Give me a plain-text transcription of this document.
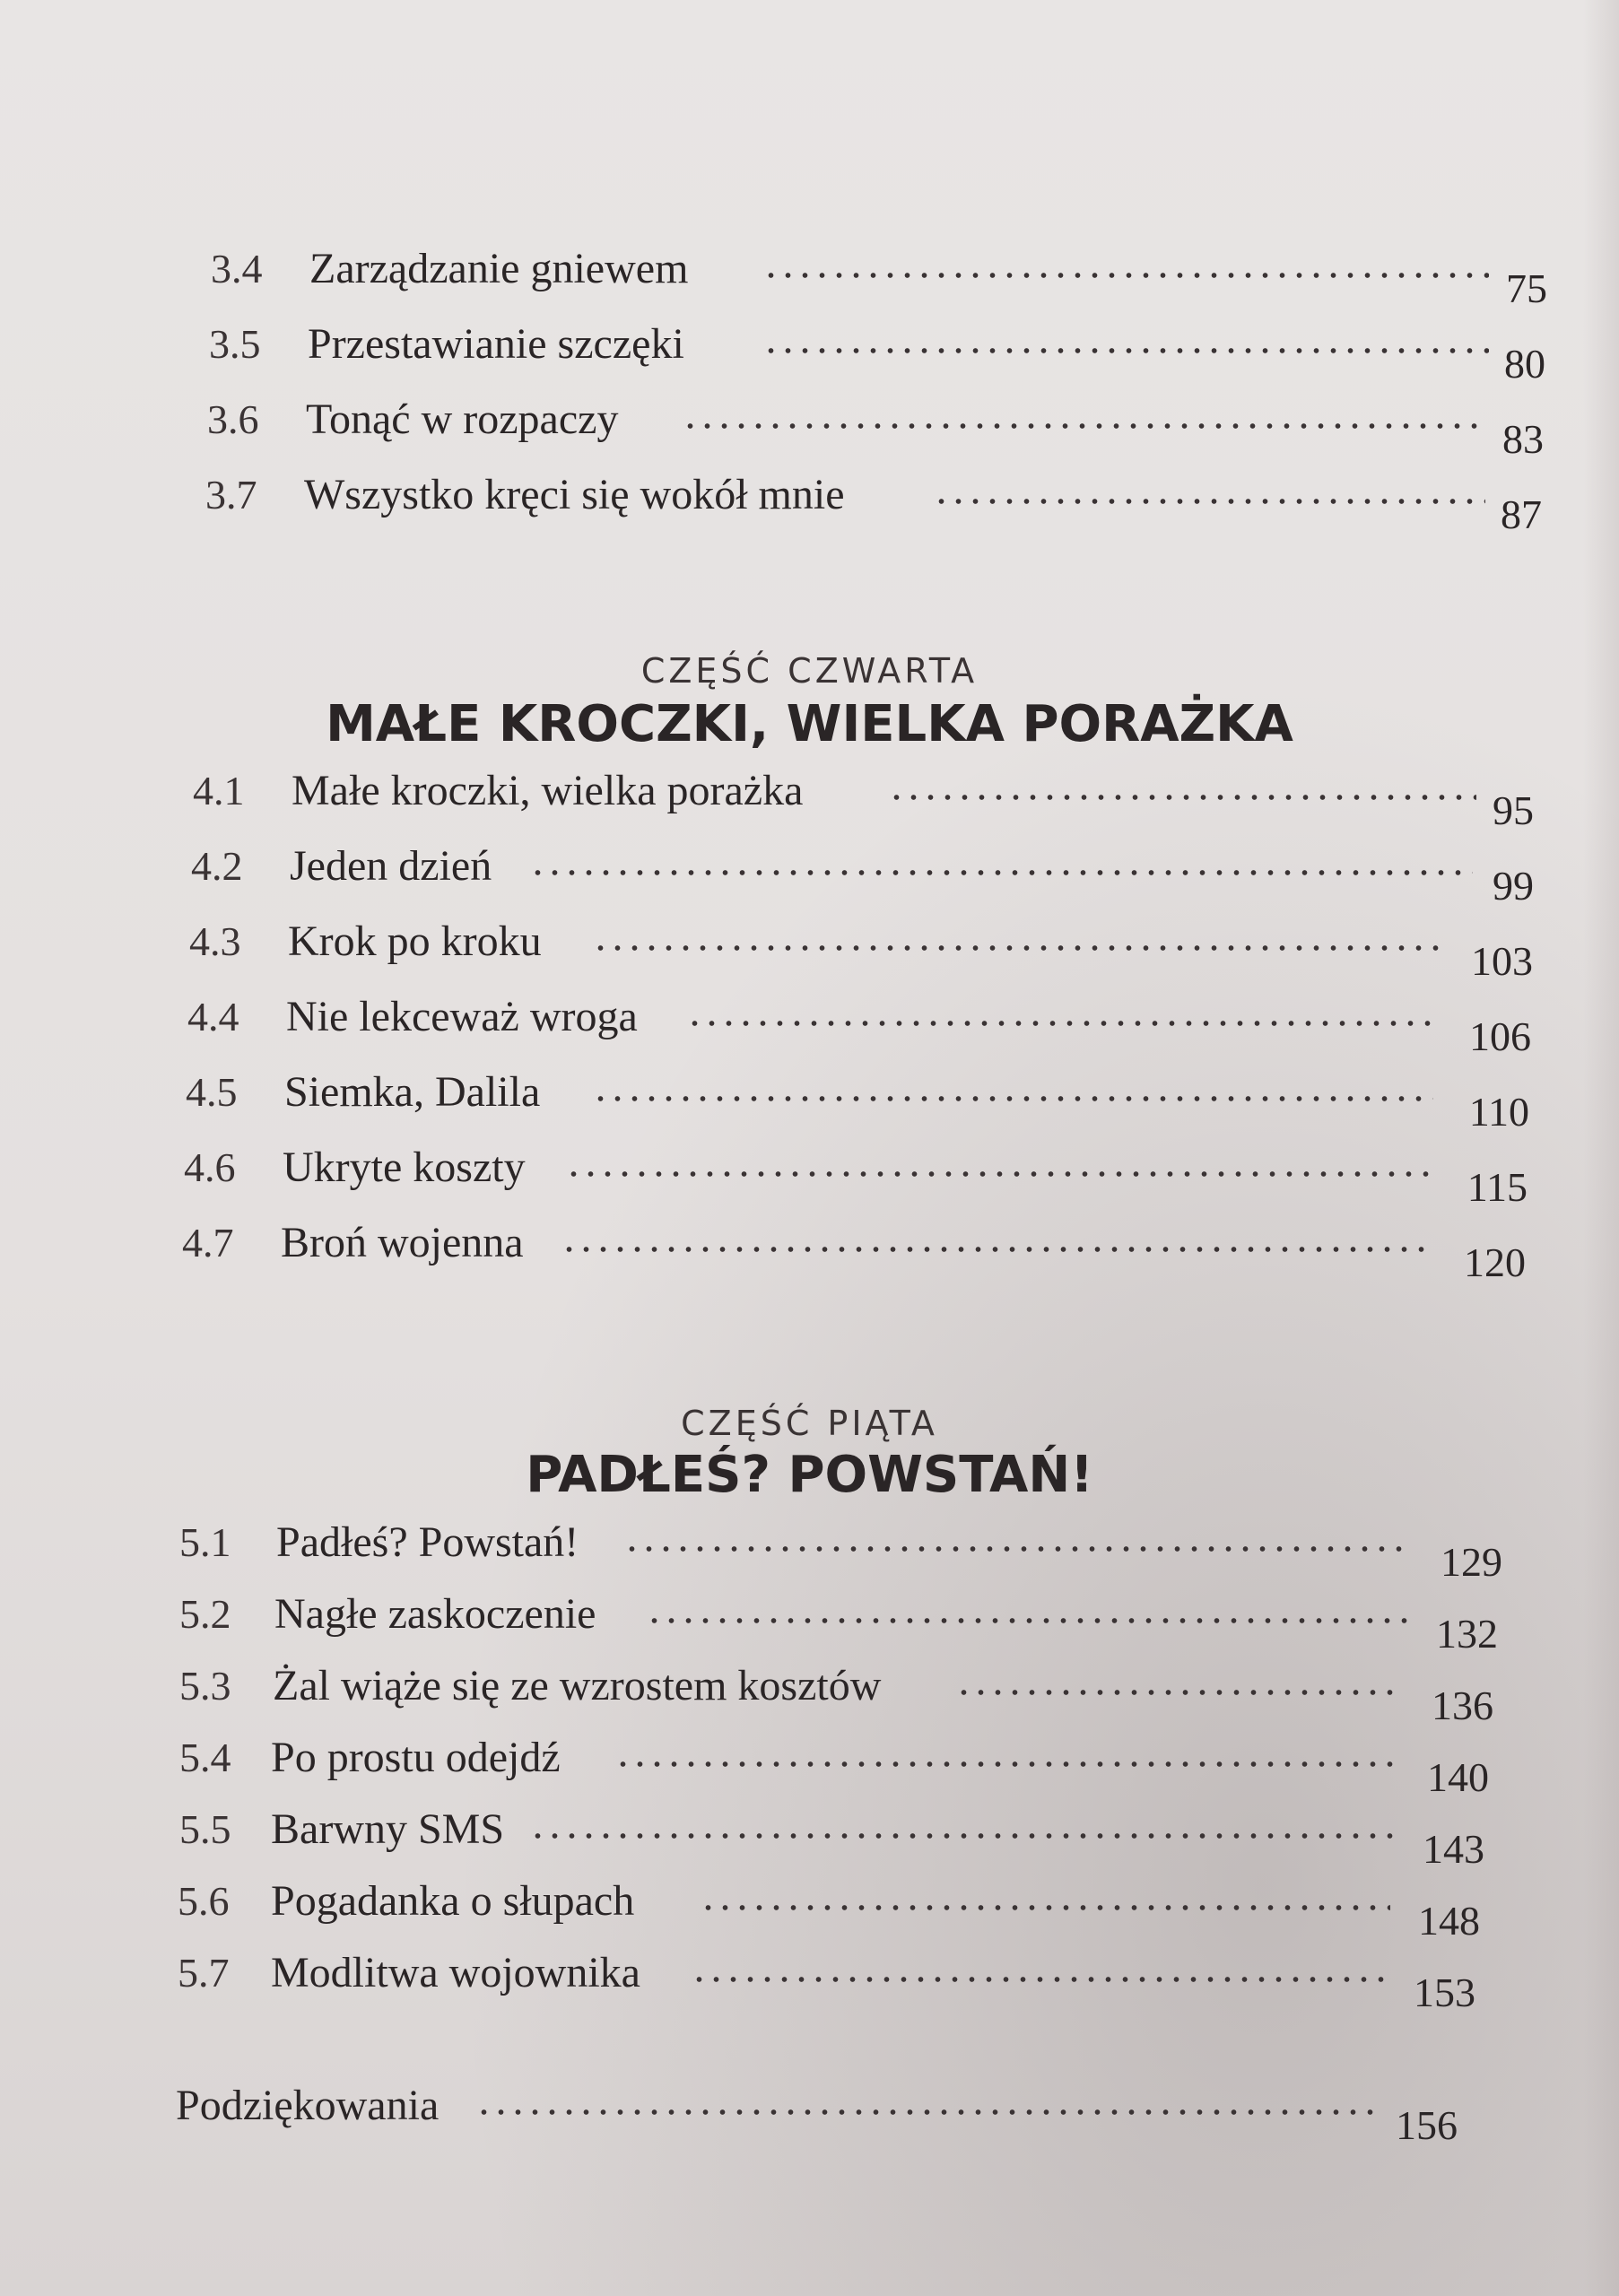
3.4 Zarządzanie gniewem	75
3.5 Przestawianie szczęki	80
3.6 Tonąć w rozpaczy	83
3.7 Wszystko kręci się wokół mnie	87
CZĘŚĆ CZWARTA
MAŁE KROCZKI, WIELKA PORAŻKA
4.1 Małe kroczki, wielka porażka	95
4.2 Jeden dzień	99
4.3 Krok po kroku	103
4.4 Nie lekceważ wroga	106
4.5 Siemka, Dalila	110
4.6 Ukryte koszty	115
4.7 Broń wojenna	120
CZĘŚĆ PIĄTA
PADŁEŚ? POWSTAŃ!
5.1 Padłeś? Powstań!	129
5.2 Nagłe zaskoczenie	132
5.3 Żal wiąże się ze wzrostem kosztów	136
5.4 Po prostu odejdź	140
5.5 Barwny SMS	143
5.6 Pogadanka o słupach	148
5.7 Modlitwa wojownika	153
Podziękowania	156
